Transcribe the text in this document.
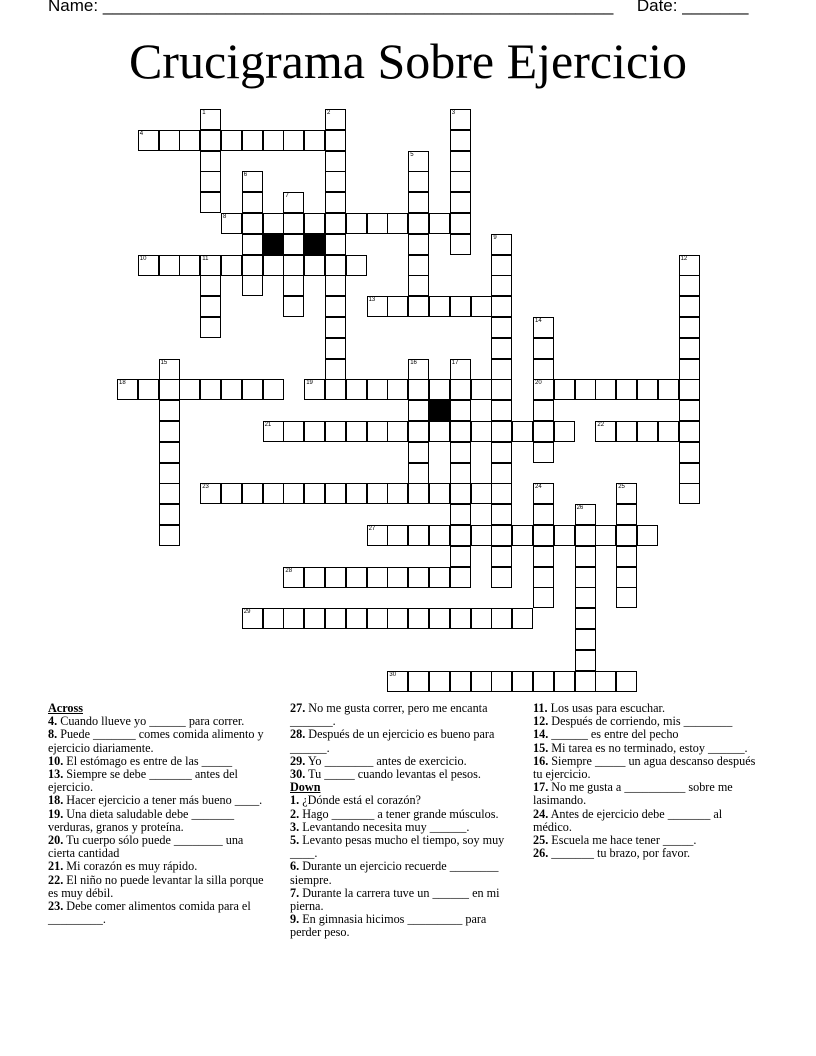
Name: ______________________________________________________ Date: _______
Crucigrama Sobre Ejercicio
1	2	3
4
5
6
7
8
9
10	11	12
13
14
20
15	16	17
18	19
21	22
23	24	25
26
27
28
29
30
Across
4. Cuando llueve yo ______ para correr.
8. Puede _______ comes comida alimento y ejercicio diariamente.
10. El estómago es entre de las _____
13. Siempre se debe _______ antes del ejercicio.
18. Hacer ejercicio a tener más bueno ____.
19. Una dieta saludable debe _______ verduras, granos y proteína.
20. Tu cuerpo sólo puede ________ una cierta cantidad
21. Mi corazón es muy rápido.
22. El niño no puede levantar la silla porque es muy débil.
23. Debe comer alimentos comida para el _________.
27. No me gusta correr, pero me encanta _______.
28. Después de un ejercicio es bueno para ______.
29. Yo ________ antes de exercicio.
30. Tu _____ cuando levantas el pesos.
Down
1. ¿Dónde está el corazón?
2. Hago _______ a tener grande músculos.
3. Levantando necesita muy ______.
5. Levanto pesas mucho el tiempo, soy muy ____.
6. Durante un ejercicio recuerde ________ siempre.
7. Durante la carrera tuve un ______ en mi pierna.
9. En gimnasia hicimos _________ para perder peso.
11. Los usas para escuchar.
12. Después de corriendo, mis ________
14. ______ es entre del pecho
15. Mi tarea es no terminado, estoy ______.
16. Siempre _____ un agua descanso después tu ejercicio.
17. No me gusta a __________ sobre me lasimando.
24. Antes de ejercicio debe _______ al médico.
25. Escuela me hace tener _____.
26. _______ tu brazo, por favor.
